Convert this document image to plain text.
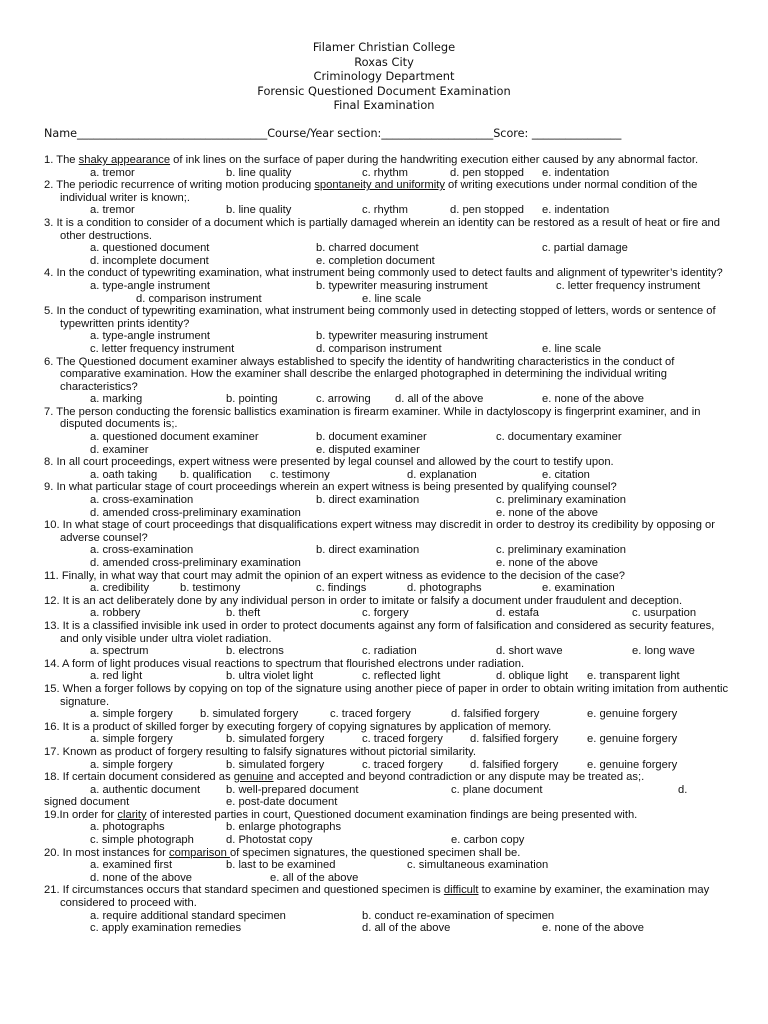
Filamer Christian College
Roxas City
Criminology Department
Forensic Questioned Document Examination
Final Examination
Name__________________________________Course/Year section:____________________Score: ________________
1. The shaky appearance of ink lines on the surface of paper during the handwriting execution either caused by any abnormal factor.
a. tremor	b. line quality	c. rhythm	d. pen stopped e. indentation
2. The periodic recurrence of writing motion producing spontaneity and uniformity of writing executions under normal condition of the individual writer is known;.
a. tremor	b. line quality	c. rhythm	d. pen stopped e. indentation
3. It is a condition to consider of a document which is partially damaged wherein an identity can be restored as a result of heat or fire and other destructions.
a. questioned document	b. charred document	c. partial damage
d. incomplete document	e. completion document
4. In the conduct of typewriting examination, what instrument being commonly used to detect faults and alignment of typewriter’s identity?
a. type-angle instrument	b. typewriter measuring instrument	c. letter frequency instrument
d. comparison instrument	e. line scale
5. In the conduct of typewriting examination, what instrument being commonly used in detecting stopped of letters, words or sentence of typewritten prints identity?
a. type-angle instrument	b. typewriter measuring instrument
c. letter frequency instrument	d. comparison instrument	e. line scale
6. The Questioned document examiner always established to specify the identity of handwriting characteristics in the conduct of comparative examination. How the examiner shall describe the enlarged photographed in determining the individual writing characteristics?
a. marking	b. pointing	c. arrowing d. all of the above	e. none of the above
7. The person conducting the forensic ballistics examination is firearm examiner. While in dactyloscopy is fingerprint examiner, and in disputed documents is;.
a. questioned document examiner	b. document examiner	c. documentary examiner
d. examiner	e. disputed examiner
8. In all court proceedings, expert witness were presented by legal counsel and allowed by the court to testify upon.
a. oath taking b. qualification c. testimony	d. explanation	e. citation
9. In what particular stage of court proceedings wherein an expert witness is being presented by qualifying counsel?
a. cross-examination	b. direct examination	c. preliminary examination
d. amended cross-preliminary examination	e. none of the above
10. In what stage of court proceedings that disqualifications expert witness may discredit in order to destroy its credibility by opposing or adverse counsel?
a. cross-examination	b. direct examination	c. preliminary examination
d. amended cross-preliminary examination	e. none of the above
11. Finally, in what way that court may admit the opinion of an expert witness as evidence to the decision of the case?
a. credibility	b. testimony	c. findings	d. photographs	e. examination
12. It is an act deliberately done by any individual person in order to imitate or falsify a document under fraudulent and deception.
a. robbery	b. theft	c. forgery	d. estafa	c. usurpation
13. It is a classified invisible ink used in order to protect documents against any form of falsification and considered as security features, and only visible under ultra violet radiation.
a. spectrum	b. electrons	c. radiation	d. short wave	e. long wave
14. A form of light produces visual reactions to spectrum that flourished electrons under radiation.
a. red light	b. ultra violet light	c. reflected light	d. oblique light e. transparent light
15. When a forger follows by copying on top of the signature using another piece of paper in order to obtain writing imitation from authentic signature.
a. simple forgery b. simulated forgery	c. traced forgery	d. falsified forgery	e. genuine forgery
16. It is a product of skilled forger by executing forgery of copying signatures by application of memory.
a. simple forgery	b. simulated forgery	c. traced forgery d. falsified forgery	e. genuine forgery
17. Known as product of forgery resulting to falsify signatures without pictorial similarity.
a. simple forgery	b. simulated forgery	c. traced forgery d. falsified forgery	e. genuine forgery
18. If certain document considered as genuine and accepted and beyond contradiction or any dispute may be treated as;.
a. authentic document b. well-prepared document	c. plane document	d.
signed document	e. post-date document
19.In order for clarity of interested parties in court, Questioned document examination findings are being presented with.
a. photographs	b. enlarge photographs
c. simple photograph	d. Photostat copy	e. carbon copy
20. In most instances for comparison of specimen signatures, the questioned specimen shall be.
a. examined first	b. last to be examined	c. simultaneous examination
d. none of the above	e. all of the above
21. If circumstances occurs that standard specimen and questioned specimen is difficult to examine by examiner, the examination may considered to proceed with.
a. require additional standard specimen	b. conduct re-examination of specimen
c. apply examination remedies	d. all of the above	e. none of the above
